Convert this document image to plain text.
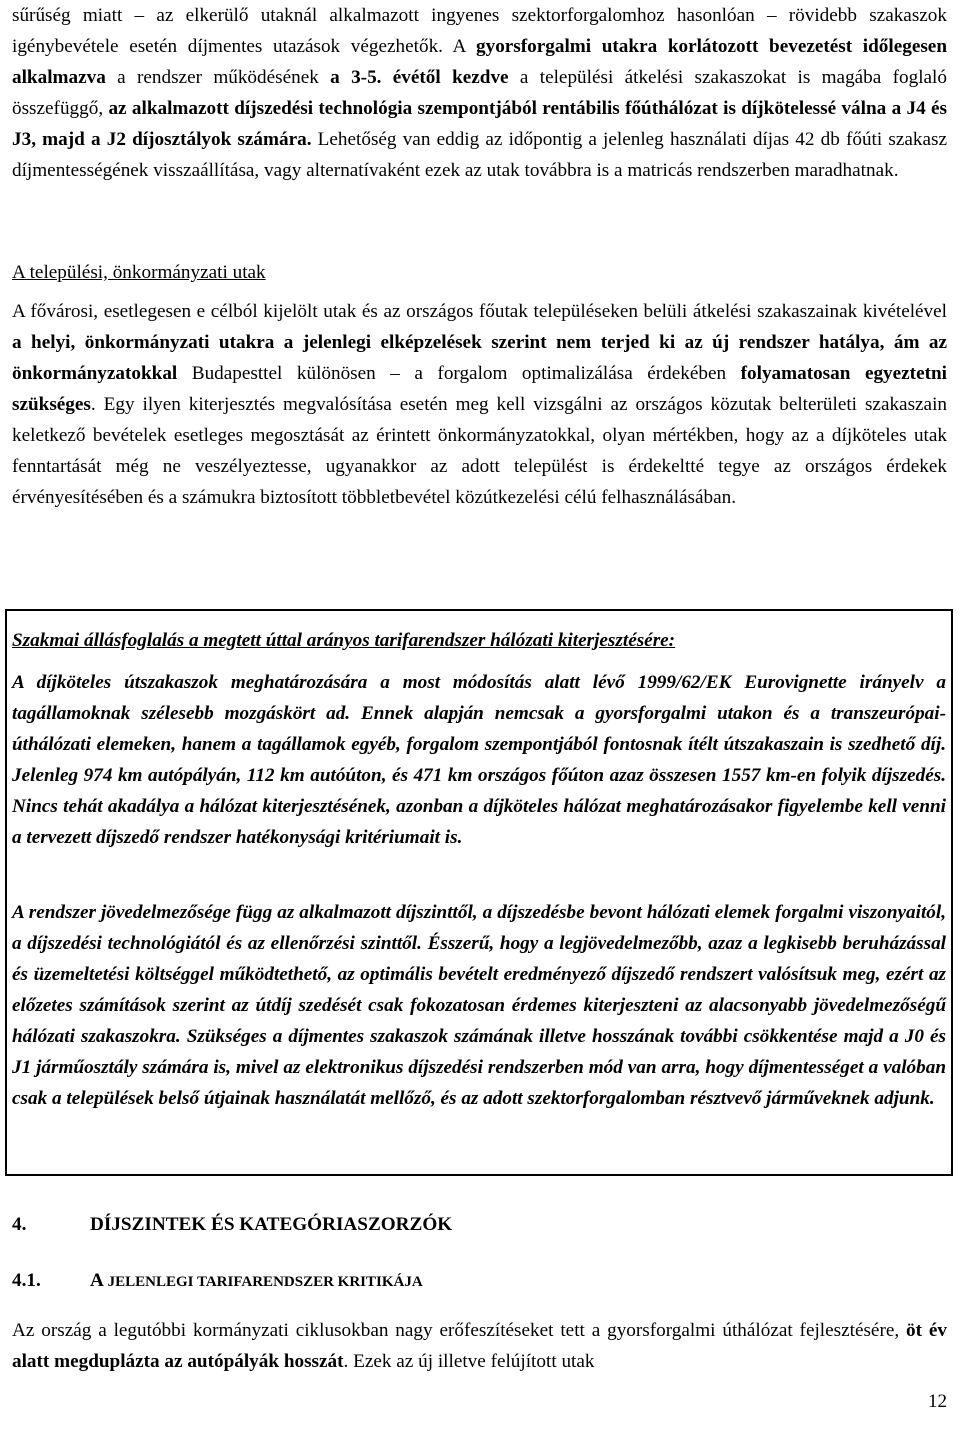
sűrűség miatt – az elkerülő utaknál alkalmazott ingyenes szektorforgalomhoz hasonlóan – rövidebb szakaszok igénybevétele esetén díjmentes utazások végezhetők. A gyorsforgalmi utakra korlátozott bevezetést időlegesen alkalmazva a rendszer működésének a 3-5. évétől kezdve a települési átkelési szakaszokat is magába foglaló összefüggő, az alkalmazott díjszedési technológia szempontjából rentábilis főúthálózat is díjkötelessé válna a J4 és J3, majd a J2 díjosztályok számára. Lehetőség van eddig az időpontig a jelenleg használati díjas 42 db főúti szakasz díjmentességének visszaállítása, vagy alternatívaként ezek az utak továbbra is a matricás rendszerben maradhatnak.

A települési, önkormányzati utak

A fővárosi, esetlegesen e célból kijelölt utak és az országos főutak településeken belüli átkelési szakaszainak kivételével a helyi, önkormányzati utakra a jelenlegi elképzelések szerint nem terjed ki az új rendszer hatálya, ám az önkormányzatokkal Budapesttel különösen – a forgalom optimalizálása érdekében folyamatosan egyeztetni szükséges. Egy ilyen kiterjesztés megvalósítása esetén meg kell vizsgálni az országos közutak belterületi szakaszain keletkező bevételek esetleges megosztását az érintett önkormányzatokkal, olyan mértékben, hogy az a díjköteles utak fenntartását még ne veszélyeztesse, ugyanakkor az adott települést is érdekeltté tegye az országos érdekek érvényesítésében és a számukra biztosított többletbevétel közútkezelési célú felhasználásában.

Szakmai állásfoglalás a megtett úttal arányos tarifarendszer hálózati kiterjesztésére:

A díjköteles útszakaszok meghatározására a most módosítás alatt lévő 1999/62/EK Eurovignette irányelv a tagállamoknak szélesebb mozgáskört ad. Ennek alapján nemcsak a gyorsforgalmi utakon és a transzeurópai- úthálózati elemeken, hanem a tagállamok egyéb, forgalom szempontjából fontosnak ítélt útszakaszain is szedhető díj. Jelenleg 974 km autópályán, 112 km autóúton, és 471 km országos főúton azaz összesen 1557 km-en folyik díjszedés. Nincs tehát akadálya a hálózat kiterjesztésének, azonban a díjköteles hálózat meghatározásakor figyelembe kell venni a tervezett díjszedő rendszer hatékonysági kritériumait is.

A rendszer jövedelmezősége függ az alkalmazott díjszinttől, a díjszedésbe bevont hálózati elemek forgalmi viszonyaitól, a díjszedési technológiától és az ellenőrzési szinttől. Ésszerű, hogy a legjövedelmezőbb, azaz a legkisebb beruházással és üzemeltetési költséggel működtethető, az optimális bevételt eredményező díjszedő rendszert valósítsuk meg, ezért az előzetes számítások szerint az útdíj szedését csak fokozatosan érdemes kiterjeszteni az alacsonyabb jövedelmezőségű hálózati szakaszokra. Szükséges a díjmentes szakaszok számának illetve hosszának további csökkentése majd a J0 és J1 járműosztály számára is, mivel az elektronikus díjszedési rendszerben mód van arra, hogy díjmentességet a valóban csak a települések belső útjainak használatát mellőző, és az adott szektorforgalomban résztvevő járműveknek adjunk.

4.	DÍJSZINTEK ÉS KATEGÓRIASZORZÓK
4.1.	A JELENLEGI TARIFARENDSZER KRITIKÁJA

Az ország a legutóbbi kormányzati ciklusokban nagy erőfeszítéseket tett a gyorsforgalmi úthálózat fejlesztésére, öt év alatt megduplázta az autópályák hosszát. Ezek az új illetve felújított utak

12
